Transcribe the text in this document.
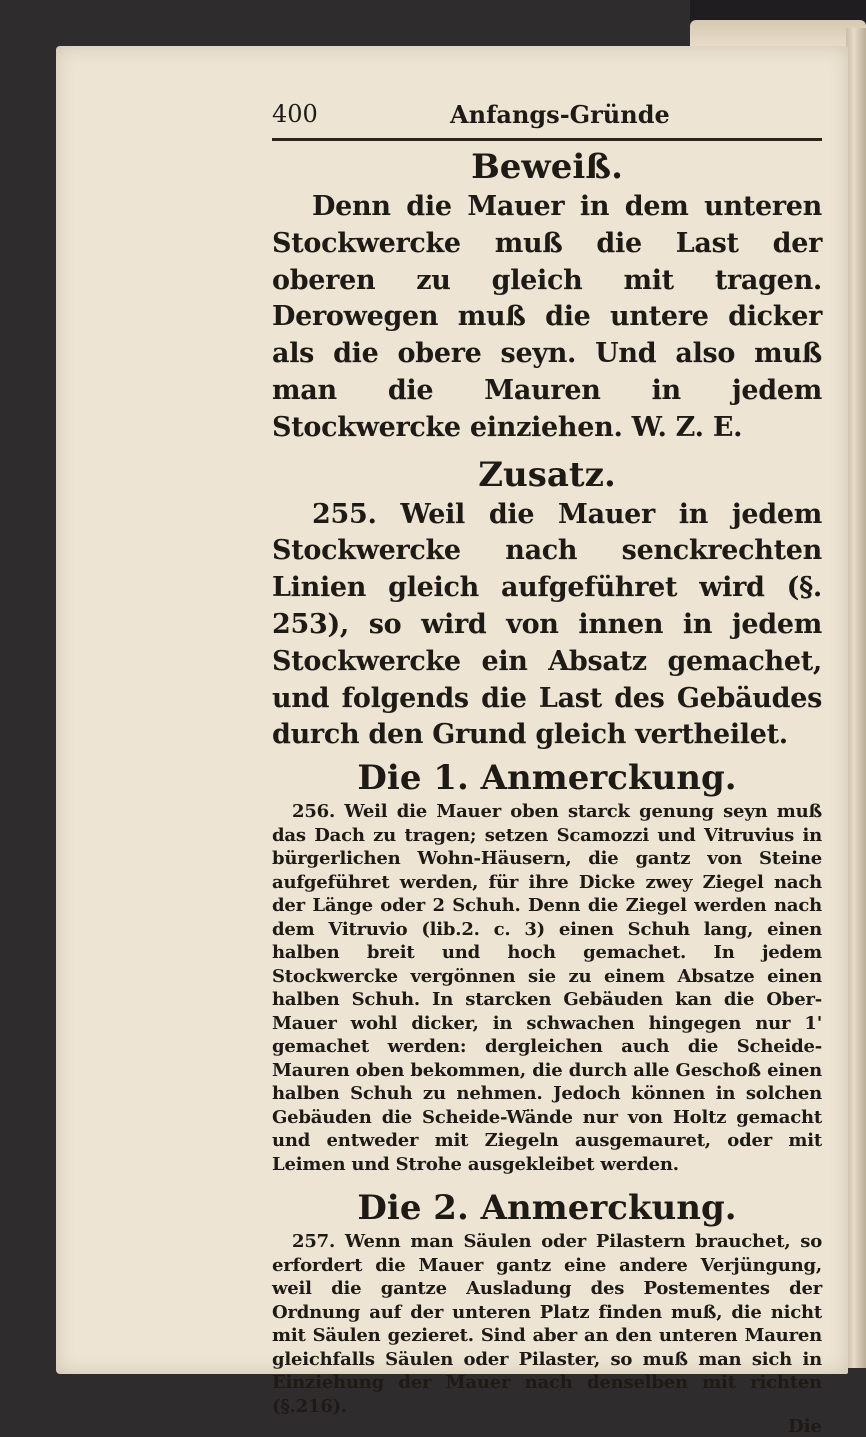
400	Anfangs-Gründe
Beweiß.

Denn die Mauer in dem unteren Stockwercke muß die Last der oberen zu gleich mit tragen. Derowegen muß die untere dicker als die obere seyn. Und also muß man die Mauren in jedem Stockwercke einziehen. W. Z. E.

Zusatz.

255. Weil die Mauer in jedem Stockwercke nach senckrechten Linien gleich aufgeführet wird (§. 253), so wird von innen in jedem Stockwercke ein Absatz gemachet, und folgends die Last des Gebäudes durch den Grund gleich vertheilet.

Die 1. Anmerckung.

256. Weil die Mauer oben starck genung seyn muß das Dach zu tragen; setzen Scamozzi und Vitruvius in bürgerlichen Wohn-Häusern, die gantz von Steine aufgeführet werden, für ihre Dicke zwey Ziegel nach der Länge oder 2 Schuh. Denn die Ziegel werden nach dem Vitruvio (lib.2. c. 3) einen Schuh lang, einen halben breit und hoch gemachet. In jedem Stockwercke vergönnen sie zu einem Absatze einen halben Schuh. In starcken Gebäuden kan die Ober-Mauer wohl dicker, in schwachen hingegen nur 1' gemachet werden: dergleichen auch die Scheide-Mauren oben bekommen, die durch alle Geschoß einen halben Schuh zu nehmen. Jedoch können in solchen Gebäuden die Scheide-Wände nur von Holtz gemacht und entweder mit Ziegeln ausgemauret, oder mit Leimen und Strohe ausgekleibet werden.

Die 2. Anmerckung.

257. Wenn man Säulen oder Pilastern brauchet, so erfordert die Mauer gantz eine andere Verjüngung, weil die gantze Ausladung des Postementes der Ordnung auf der unteren Platz finden muß, die nicht mit Säulen gezieret. Sind aber an den unteren Mauren gleichfalls Säulen oder Pilaster, so muß man sich in Einziehung der Mauer nach denselben mit richten (§.216).

Die
